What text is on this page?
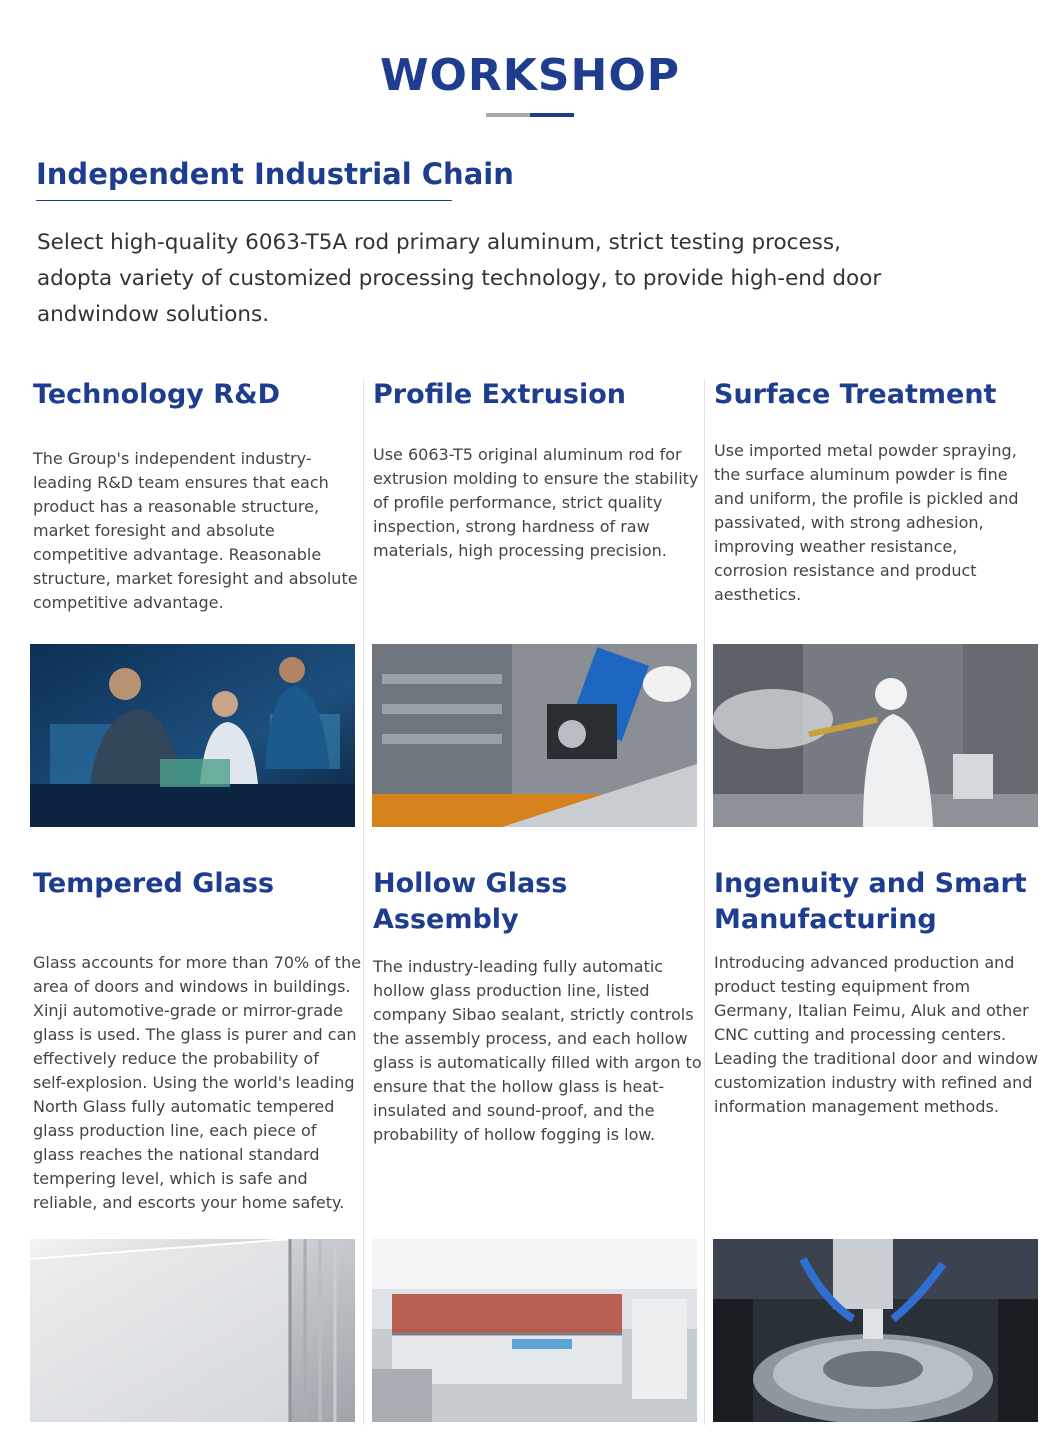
WORKSHOP
Independent Industrial Chain
Select high-quality 6063-T5A rod primary aluminum, strict testing process,
adopta variety of customized processing technology, to provide high-end door
andwindow solutions.
Technology R&D
The Group's independent industry-
leading R&D team ensures that each
product has a reasonable structure,
market foresight and absolute
competitive advantage. Reasonable
structure, market foresight and absolute
competitive advantage.
Profile Extrusion
Use 6063-T5 original aluminum rod for
extrusion molding to ensure the stability
of profile performance, strict quality
inspection, strong hardness of raw
materials, high processing precision.
Surface Treatment
Use imported metal powder spraying,
the surface aluminum powder is fine
and uniform, the profile is pickled and
passivated, with strong adhesion,
improving weather resistance,
corrosion resistance and product
aesthetics.
Tempered Glass
Glass accounts for more than 70% of the
area of doors and windows in buildings.
Xinji automotive-grade or mirror-grade
glass is used. The glass is purer and can
effectively reduce the probability of
self-explosion. Using the world's leading
North Glass fully automatic tempered
glass production line, each piece of
glass reaches the national standard
tempering level, which is safe and
reliable, and escorts your home safety.
Hollow Glass Assembly
The industry-leading fully automatic
hollow glass production line, listed
company Sibao sealant, strictly controls
the assembly process, and each hollow
glass is automatically filled with argon to
ensure that the hollow glass is heat-
insulated and sound-proof, and the
probability of hollow fogging is low.
Ingenuity and Smart
Manufacturing
Introducing advanced production and
product testing equipment from
Germany, Italian Feimu, Aluk and other
CNC cutting and processing centers.
Leading the traditional door and window
customization industry with refined and
information management methods.
